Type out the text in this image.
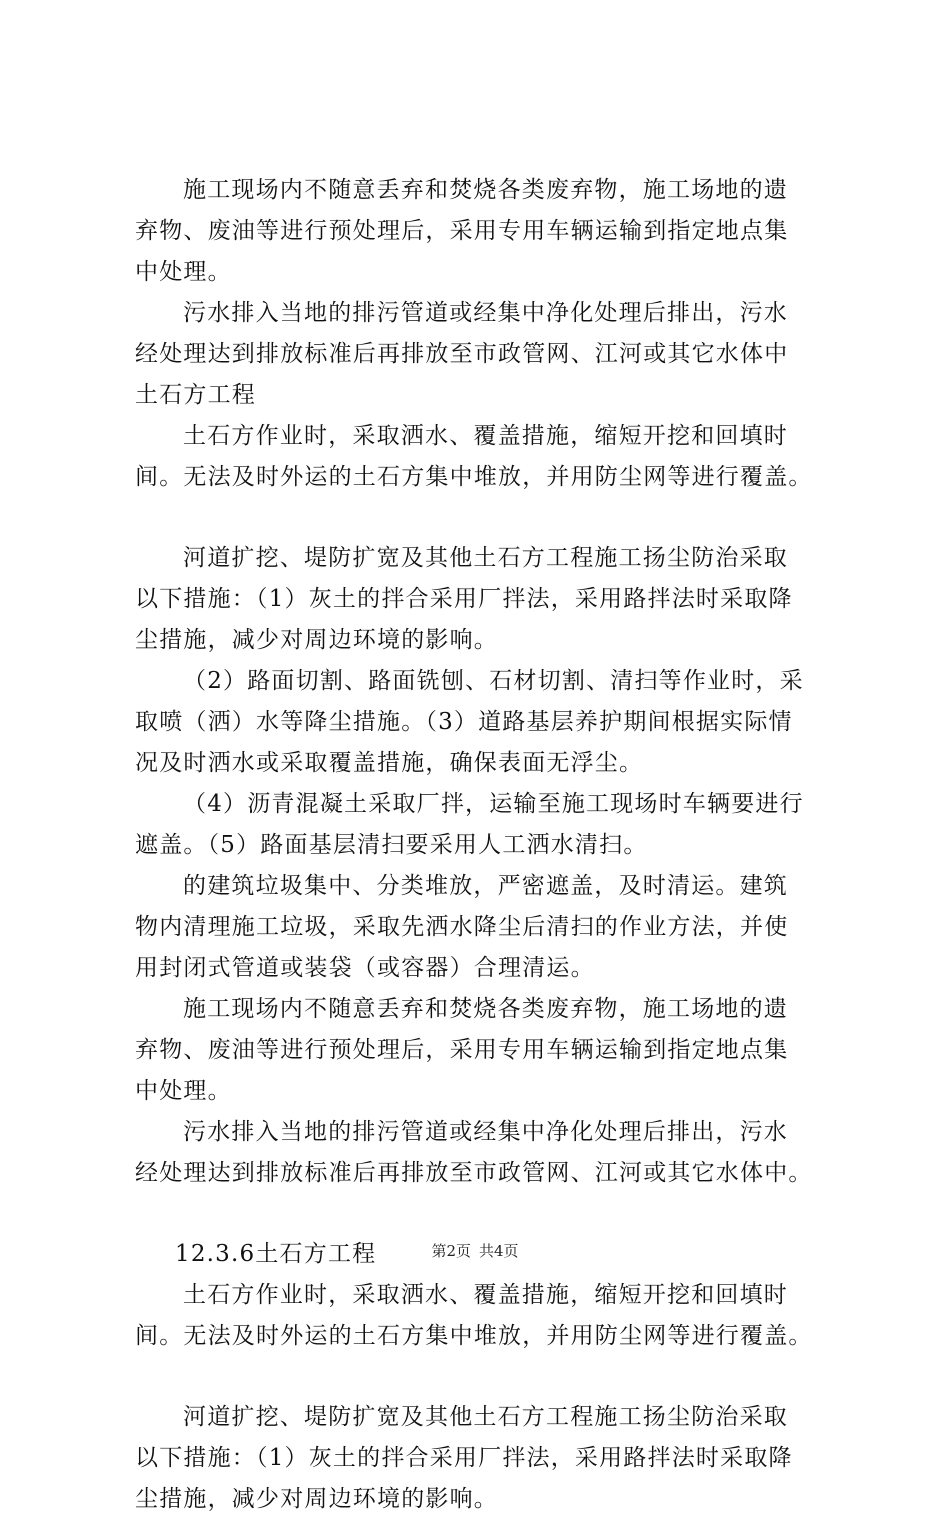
施工现场内不随意丢弃和焚烧各类废弃物，施工场地的遗
弃物、废油等进行预处理后，采用专用车辆运输到指定地点集
中处理。
污水排入当地的排污管道或经集中净化处理后排出，污水
经处理达到排放标准后再排放至市政管网、江河或其它水体中
土石方工程
土石方作业时，采取洒水、覆盖措施，缩短开挖和回填时
间。无法及时外运的土石方集中堆放，并用防尘网等进行覆盖。
河道扩挖、堤防扩宽及其他土石方工程施工扬尘防治采取
以下措施：（1）灰土的拌合采用厂拌法，采用路拌法时采取降
尘措施，减少对周边环境的影响。
（2）路面切割、路面铣刨、石材切割、清扫等作业时，采
取喷（洒）水等降尘措施。（3）道路基层养护期间根据实际情
况及时洒水或采取覆盖措施，确保表面无浮尘。
（4）沥青混凝土采取厂拌，运输至施工现场时车辆要进行
遮盖。（5）路面基层清扫要采用人工洒水清扫。
的建筑垃圾集中、分类堆放，严密遮盖，及时清运。建筑
物内清理施工垃圾，采取先洒水降尘后清扫的作业方法，并使
用封闭式管道或装袋（或容器）合理清运。
施工现场内不随意丢弃和焚烧各类废弃物，施工场地的遗
弃物、废油等进行预处理后，采用专用车辆运输到指定地点集
中处理。
污水排入当地的排污管道或经集中净化处理后排出，污水
经处理达到排放标准后再排放至市政管网、江河或其它水体中。
12.3.6土石方工程
土石方作业时，采取洒水、覆盖措施，缩短开挖和回填时
间。无法及时外运的土石方集中堆放，并用防尘网等进行覆盖。
河道扩挖、堤防扩宽及其他土石方工程施工扬尘防治采取
以下措施：（1）灰土的拌合采用厂拌法，采用路拌法时采取降
尘措施，减少对周边环境的影响。
第2页 共4页
